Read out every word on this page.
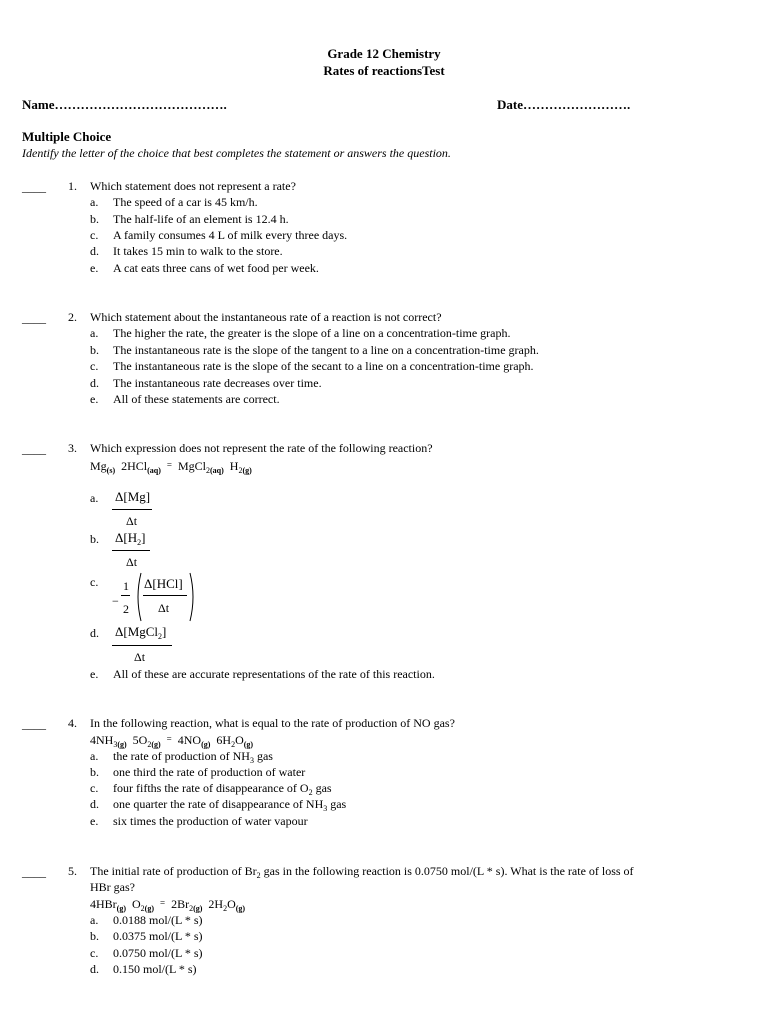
Grade 12 Chemistry
Rates of reactionsTest
Name………………………………….	Date…………………….
Multiple Choice
Identify the letter of the choice that best completes the statement or answers the question.
____ 1. Which statement does not represent a rate?
a.	The speed of a car is 45 km/h.
b.	The half-life of an element is 12.4 h.
c.	A family consumes 4 L of milk every three days.
d.	It takes 15 min to walk to the store.
e.	A cat eats three cans of wet food per week.
____ 2. Which statement about the instantaneous rate of a reaction is not correct?
a.	The higher the rate, the greater is the slope of a line on a concentration-time graph.
b.	The instantaneous rate is the slope of the tangent to a line on a concentration-time graph.
c.	The instantaneous rate is the slope of the secant to a line on a concentration-time graph.
d.	The instantaneous rate decreases over time.
e.	All of these statements are correct.
____ 3. Which expression does not represent the rate of the following reaction?
$Mg_{(s)}$ 2HCl$_{(aq)}$  = MgCl$_{2(aq)}$ $H_{2(g)}$
a.	Δ[Mg]
Δt
b.	$\Delta[H_2]$
Δt
c.
−
1
2
Δ[HCl]
Δt
d.	Δ[MgCl$_2$]
Δt
e.	All of these are accurate representations of the rate of this reaction.
____ 4. In the following reaction, what is equal to the rate of production of NO gas?
$4NH_{3(g)}$ $5O_{2(g)} = 4NO_{(g)}$ $6H_2O_{(g)}$
a.	the rate of production of $NH_3$ gas
b.	one third the rate of production of water
c.	four fifths the rate of disappearance of $O_2$ gas
d.	one quarter the rate of disappearance of $NH_3$ gas
e.	six times the production of water vapour
____ 5. The initial rate of production of $Br_2$ gas in the following reaction is 0.0750 mol/(L * s). What is the rate of loss of
HBr gas?
4HBr$_{(g)}$ $O_{2(g)} = 2Br_{2(g)}$ $2H_2O_{(g)}$
a.	0.0188 mol/(L * s)
b.	0.0375 mol/(L * s)
c.	0.0750 mol/(L * s)
d.	0.150 mol/(L * s)
